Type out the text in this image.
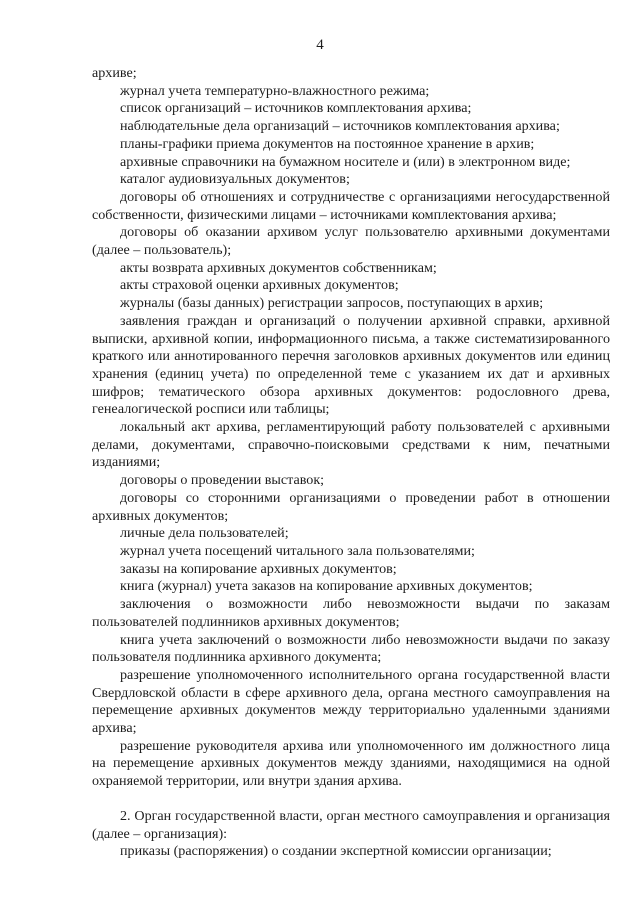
4

архиве;

журнал учета температурно-влажностного режима;

список организаций – источников комплектования архива;

наблюдательные дела организаций – источников комплектования архива;

планы-графики приема документов на постоянное хранение в архив;

архивные справочники на бумажном носителе и (или) в электронном виде;

каталог аудиовизуальных документов;

договоры об отношениях и сотрудничестве с организациями негосударственной собственности, физическими лицами – источниками комплектования архива;

договоры об оказании архивом услуг пользователю архивными документами (далее – пользователь);

акты возврата архивных документов собственникам;

акты страховой оценки архивных документов;

журналы (базы данных) регистрации запросов, поступающих в архив;

заявления граждан и организаций о получении архивной справки, архивной выписки, архивной копии, информационного письма, а также систематизированного краткого или аннотированного перечня заголовков архивных документов или единиц хранения (единиц учета) по определенной теме с указанием их дат и архивных шифров; тематического обзора архивных документов: родословного древа, генеалогической росписи или таблицы;

локальный акт архива, регламентирующий работу пользователей с архивными делами, документами, справочно-поисковыми средствами к ним, печатными изданиями;

договоры о проведении выставок;

договоры со сторонними организациями о проведении работ в отношении архивных документов;

личные дела пользователей;

журнал учета посещений читального зала пользователями;

заказы на копирование архивных документов;

книга (журнал) учета заказов на копирование архивных документов;

заключения о возможности либо невозможности выдачи по заказам пользователей подлинников архивных документов;

книга учета заключений о возможности либо невозможности выдачи по заказу пользователя подлинника архивного документа;

разрешение уполномоченного исполнительного органа государственной власти Свердловской области в сфере архивного дела, органа местного самоуправления на перемещение архивных документов между территориально удаленными зданиями архива;

разрешение руководителя архива или уполномоченного им должностного лица на перемещение архивных документов между зданиями, находящимися на одной охраняемой территории, или внутри здания архива.

2. Орган государственной власти, орган местного самоуправления и организация (далее – организация):

приказы (распоряжения) о создании экспертной комиссии организации;
